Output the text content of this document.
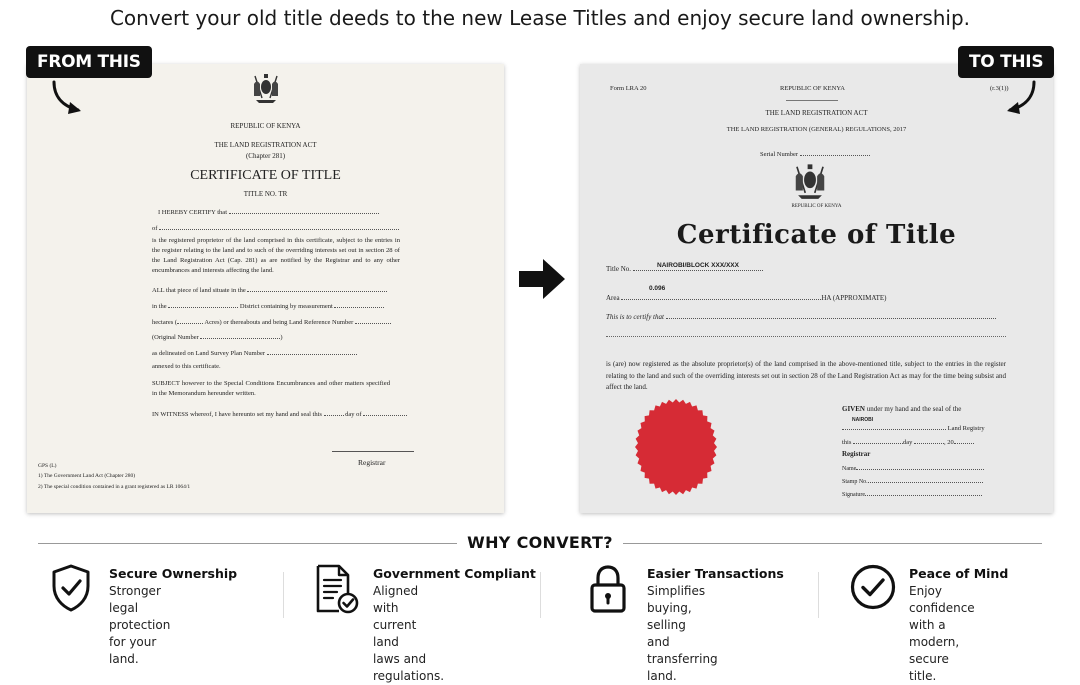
Convert your old title deeds to the new Lease Titles and enjoy secure land ownership.
FROM THIS	TO THIS
REPUBLIC OF KENYA
THE LAND REGISTRATION ACT
(Chapter 281)
CERTIFICATE OF TITLE
TITLE NO. TR
I HEREBY CERTIFY that
of
is the registered proprietor of the land comprised in this certificate, subject to the entries in the register relating to the land and to such of the overriding interests set out in section 28 of the Land Registration Act (Cap. 281) as are notified by the Registrar and to any other encumbrances and interests affecting the land.
ALL that piece of land situate in the
in the	District containing by measurement
hectares (	Acres) or thereabouts and being Land Reference Number
(Original Number	)
as delineated on Land Survey Plan Number
annexed to this certificate.
SUBJECT however to the Special Conditions Encumbrances and other matters specified in the Memorandum hereunder written.
IN WITNESS whereof, I have hereunto set my hand and seal this	day of
Registrar
GPS (L)
1) The Government Land Act (Chapter 280)
2) The special condition contained in a grant registered as LR 1064/1
Form LRA 20	REPUBLIC OF KENYA	(r.3(1))
THE LAND REGISTRATION ACT
THE LAND REGISTRATION (GENERAL) REGULATIONS, 2017
Serial Number
REPUBLIC OF KENYA
Certificate of Title
Title No.	NAIROBI/BLOCK XXX/XXX
0.096
Area	HA (APPROXIMATE)
This is to certify that
is (are) now registered as the absolute proprietor(s) of the land comprised in the above-mentioned title, subject to the entries in the register relating to the land and such of the overriding interests set out in section 28 of the Land Registration Act as may for the time being subsist and affect the land.
GIVEN under my hand and the seal of the
NAIROBI
Land Registry
this	day	, 20
Registrar
Name
Stamp No.
Signature
WHY CONVERT?
Secure Ownership
Stronger legal protection
for your land.
Government Compliant
Aligned with current land
laws and regulations.
Easier Transactions
Simplifies buying, selling
and transferring land.
Peace of Mind
Enjoy confidence with a
modern, secure title.
